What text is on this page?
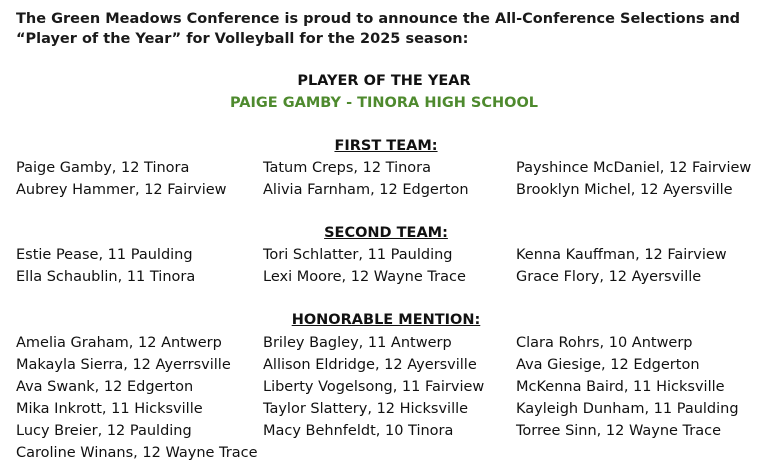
The Green Meadows Conference is proud to announce the All-Conference Selections and “Player of the Year” for Volleyball for the 2025 season:
PLAYER OF THE YEAR
PAIGE GAMBY - TINORA HIGH SCHOOL
FIRST TEAM:
Paige Gamby, 12 Tinora	Tatum Creps, 12 Tinora	Payshince McDaniel, 12 Fairview
Aubrey Hammer, 12 Fairview	Alivia Farnham, 12 Edgerton	Brooklyn Michel, 12 Ayersville
SECOND TEAM:
Estie Pease, 11 Paulding	Tori Schlatter, 11 Paulding	Kenna Kauffman, 12 Fairview
Ella Schaublin, 11 Tinora	Lexi Moore, 12 Wayne Trace	Grace Flory, 12 Ayersville
HONORABLE MENTION:
Amelia Graham, 12 Antwerp	Briley Bagley, 11 Antwerp	Clara Rohrs, 10 Antwerp
Makayla Sierra, 12 Ayerrsville Allison Eldridge, 12 Ayersville	Ava Giesige, 12 Edgerton
Ava Swank, 12 Edgerton	Liberty Vogelsong, 11 Fairview McKenna Baird, 11 Hicksville
Mika Inkrott, 11 Hicksville	Taylor Slattery, 12 Hicksville	Kayleigh Dunham, 11 Paulding
Lucy Breier, 12 Paulding	Macy Behnfeldt, 10 Tinora	Torree Sinn, 12 Wayne Trace
Caroline Winans, 12 Wayne Trace
